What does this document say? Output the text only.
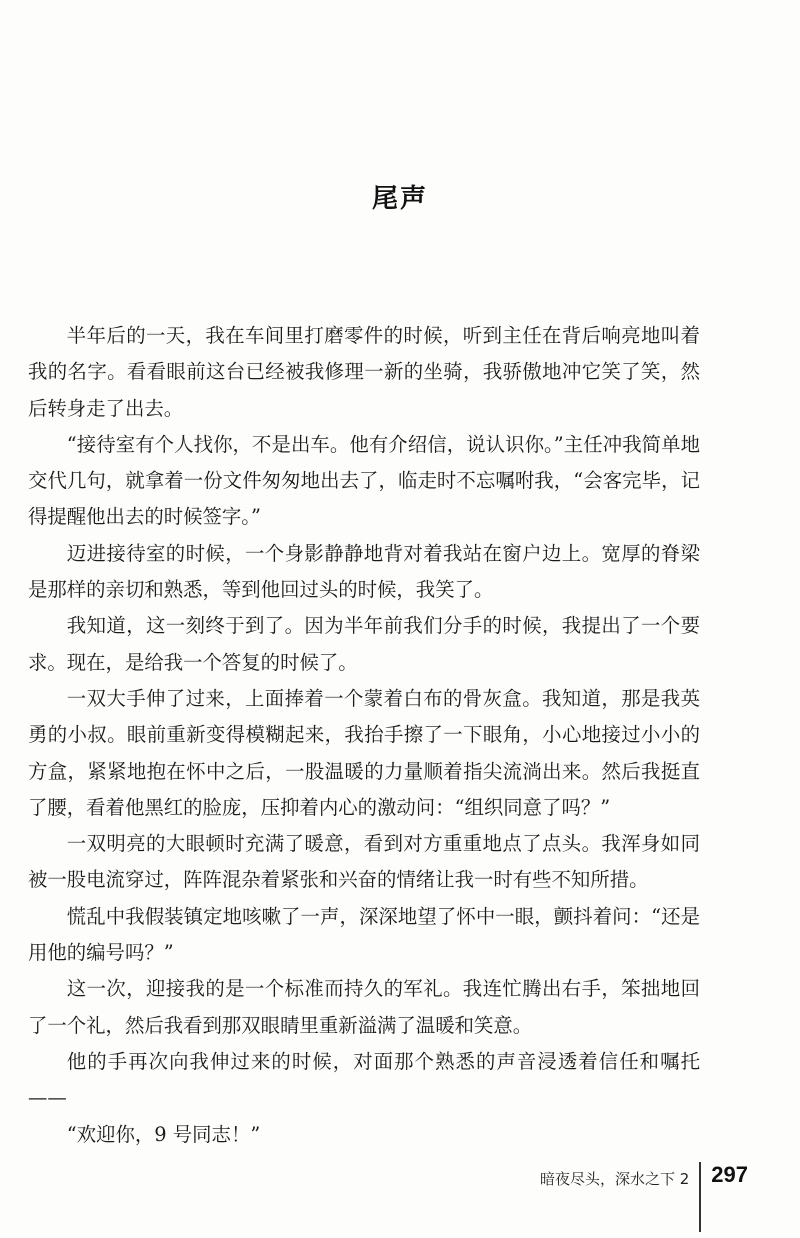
尾声

半年后的一天，我在车间里打磨零件的时候，听到主任在背后响亮地叫着我的名字。看看眼前这台已经被我修理一新的坐骑，我骄傲地冲它笑了笑，然后转身走了出去。

“接待室有个人找你，不是出车。他有介绍信，说认识你。”主任冲我简单地交代几句，就拿着一份文件匆匆地出去了，临走时不忘嘱咐我，“会客完毕，记得提醒他出去的时候签字。”

迈进接待室的时候，一个身影静静地背对着我站在窗户边上。宽厚的脊梁是那样的亲切和熟悉，等到他回过头的时候，我笑了。

我知道，这一刻终于到了。因为半年前我们分手的时候，我提出了一个要求。现在，是给我一个答复的时候了。

一双大手伸了过来，上面捧着一个蒙着白布的骨灰盒。我知道，那是我英勇的小叔。眼前重新变得模糊起来，我抬手擦了一下眼角，小心地接过小小的方盒，紧紧地抱在怀中之后，一股温暖的力量顺着指尖流淌出来。然后我挺直了腰，看着他黑红的脸庞，压抑着内心的激动问：“组织同意了吗？”

一双明亮的大眼顿时充满了暖意，看到对方重重地点了点头。我浑身如同被一股电流穿过，阵阵混杂着紧张和兴奋的情绪让我一时有些不知所措。

慌乱中我假装镇定地咳嗽了一声，深深地望了怀中一眼，颤抖着问：“还是用他的编号吗？”

这一次，迎接我的是一个标准而持久的军礼。我连忙腾出右手，笨拙地回了一个礼，然后我看到那双眼睛里重新溢满了温暖和笑意。

他的手再次向我伸过来的时候，对面那个熟悉的声音浸透着信任和嘱托——

“欢迎你，9 号同志！”

暗夜尽头，深水之下 2	297
